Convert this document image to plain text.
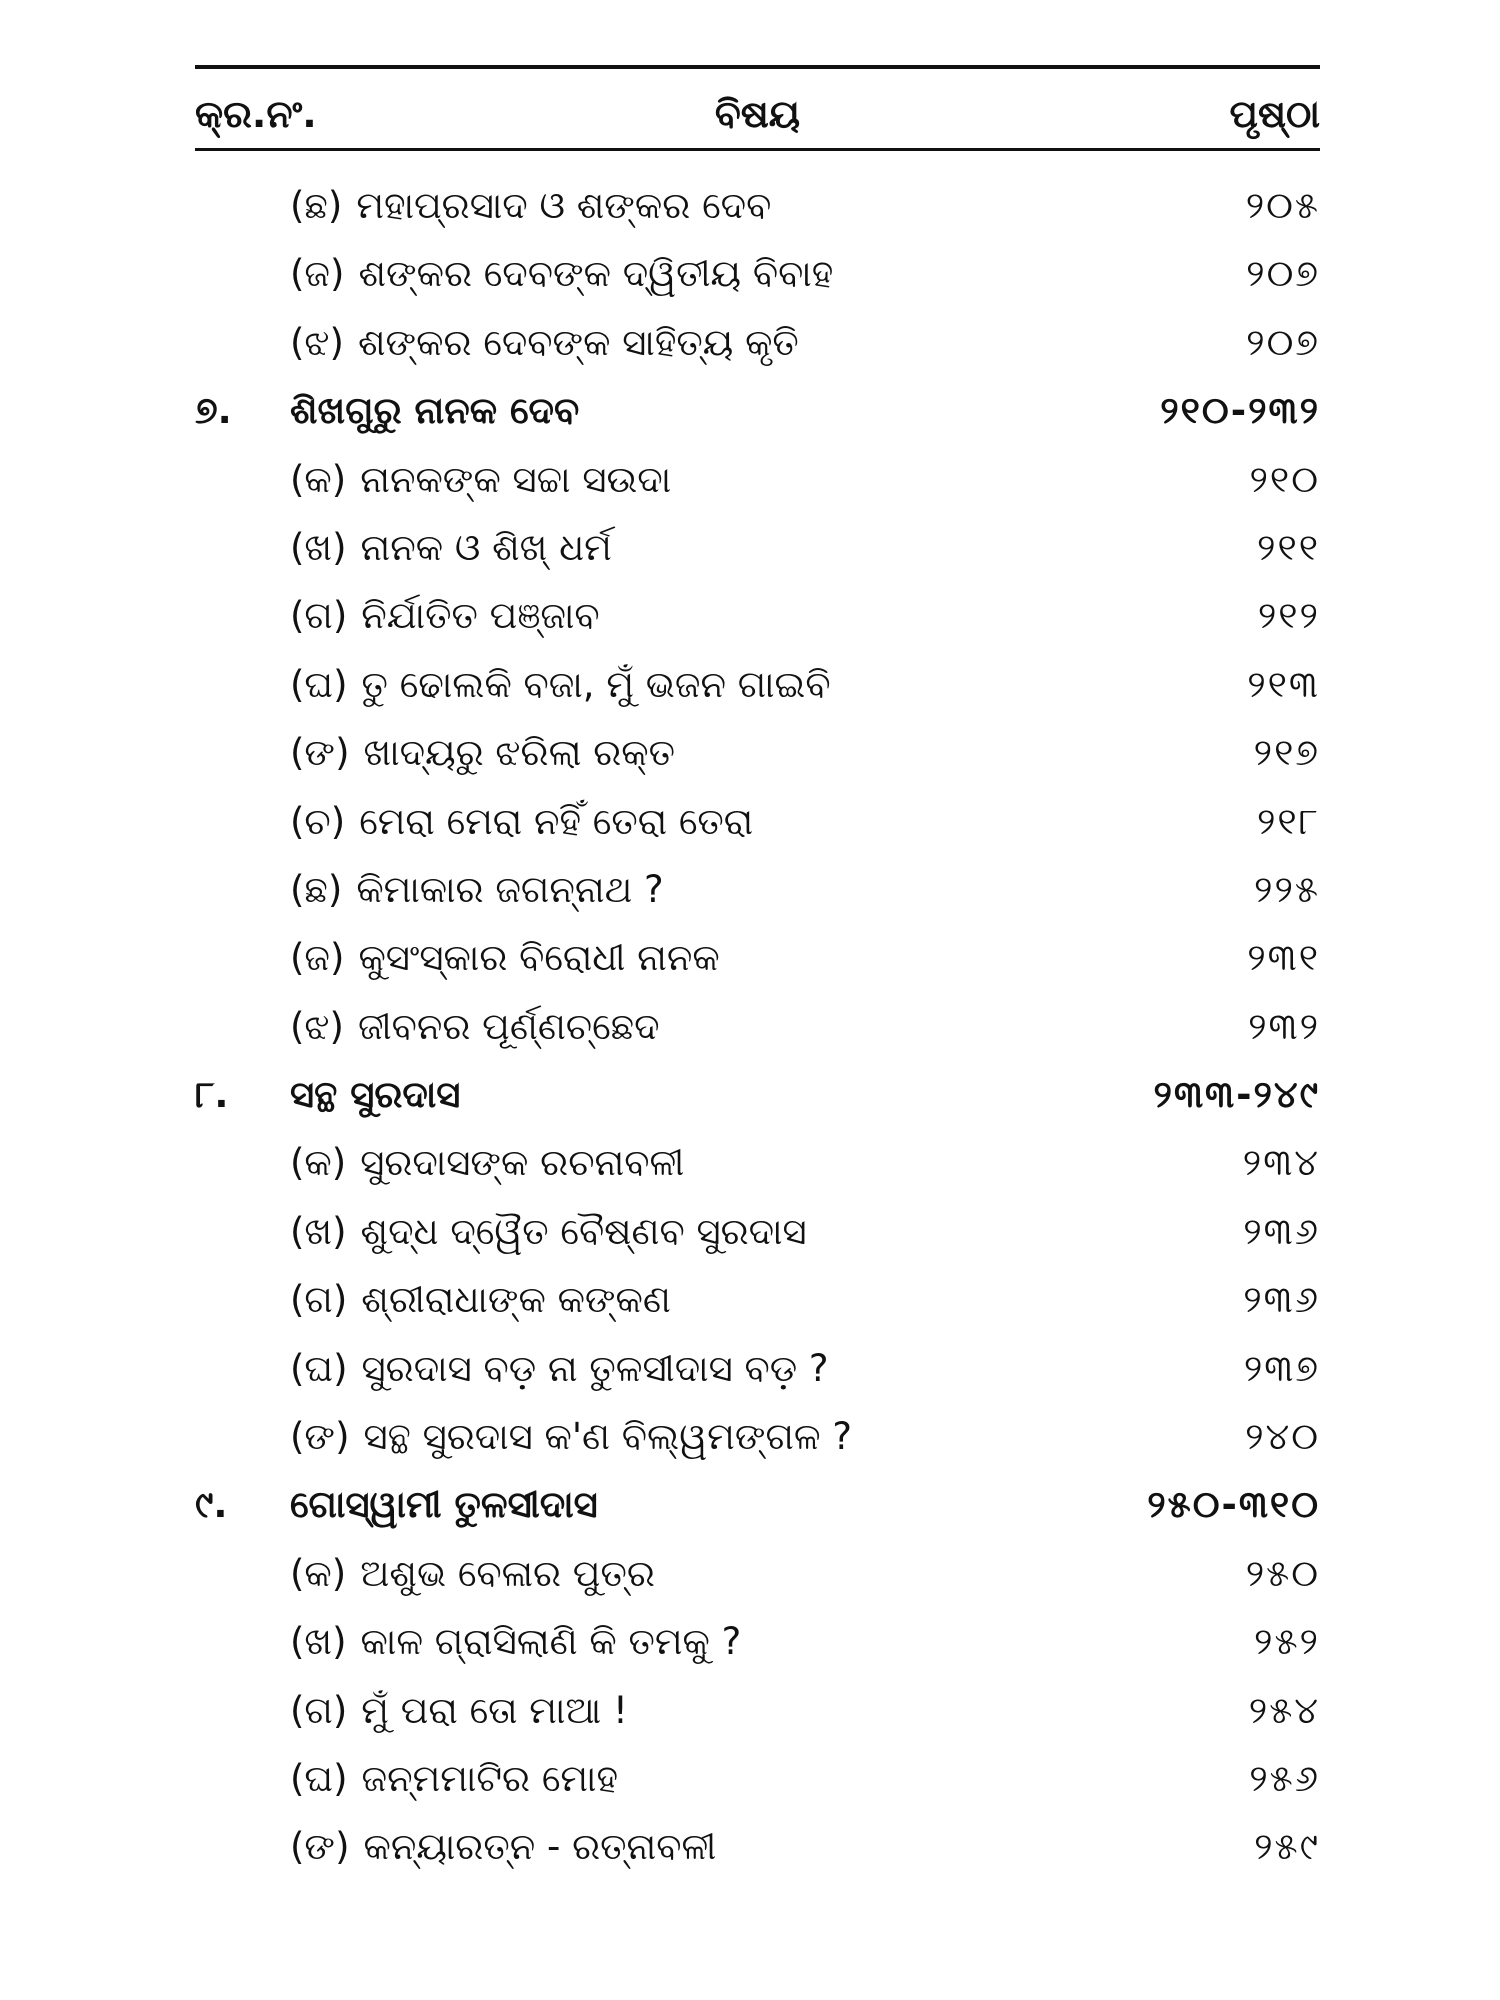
କ୍ର.ନଂ.	ବିଷୟ	ପୃଷ୍ଠା
(ଛ) ମହାପ୍ରସାଦ ଓ ଶଙ୍କର ଦେବ	୨୦୫
(ଜ) ଶଙ୍କର ଦେବଙ୍କ ଦ୍ୱିତୀୟ ବିବାହ	୨୦୭
(ଝ) ଶଙ୍କର ଦେବଙ୍କ ସାହିତ୍ୟ କୃତି	୨୦୭
୭. ଶିଖଗୁରୁ ନାନକ ଦେବ	୨୧୦-୨୩୨
(କ) ନାନକଙ୍କ ସଚ୍ଚା ସଉଦା	୨୧୦
(ଖ) ନାନକ ଓ ଶିଖ୍ ଧର୍ମ	୨୧୧
(ଗ) ନିର୍ଯାତିତ ପଞ୍ଜାବ	୨୧୨
(ଘ) ତୁ ଢୋଲକି ବଜା, ମୁଁ ଭଜନ ଗାଇବି	୨୧୩
(ଙ) ଖାଦ୍ୟରୁ ଝରିଲା ରକ୍ତ	୨୧୭
(ଚ) ମେରା ମେରା ନହିଁ ତେରା ତେରା	୨୧୮
(ଛ) କିମାକାର ଜଗନ୍ନାଥ ?	୨୨୫
(ଜ) କୁସଂସ୍କାର ବିରୋଧୀ ନାନକ	୨୩୧
(ଝ) ଜୀବନର ପୂର୍ଣ୍ଣଚ୍ଛେଦ	୨୩୨
୮. ସନ୍ଥ ସୁରଦାସ	୨୩୩-୨୪୯
(କ) ସୁରଦାସଙ୍କ ରଚନାବଳୀ	୨୩୪
(ଖ) ଶୁଦ୍ଧ ଦ୍ୱୈତ ବୈଷ୍ଣବ ସୁରଦାସ	୨୩୬
(ଗ) ଶ୍ରୀରାଧାଙ୍କ କଙ୍କଣ	୨୩୬
(ଘ) ସୁରଦାସ ବଡ଼ ନା ତୁଳସୀଦାସ ବଡ଼ ?	୨୩୭
(ଙ) ସନ୍ଥ ସୁରଦାସ କ'ଣ ବିଲ୍ୱମଙ୍ଗଳ ?	୨୪୦
୯. ଗୋସ୍ୱାମୀ ତୁଳସୀଦାସ	୨୫୦-୩୧୦
(କ) ଅଶୁଭ ବେଳାର ପୁତ୍ର	୨୫୦
(ଖ) କାଳ ଗ୍ରାସିଲାଣି କି ତମକୁ ?	୨୫୨
(ଗ) ମୁଁ ପରା ତୋ ମାଆ !	୨୫୪
(ଘ) ଜନ୍ମମାଟିର ମୋହ	୨୫୬
(ଙ) କନ୍ୟାରତ୍ନ - ରତ୍ନାବଳୀ	୨୫୯
